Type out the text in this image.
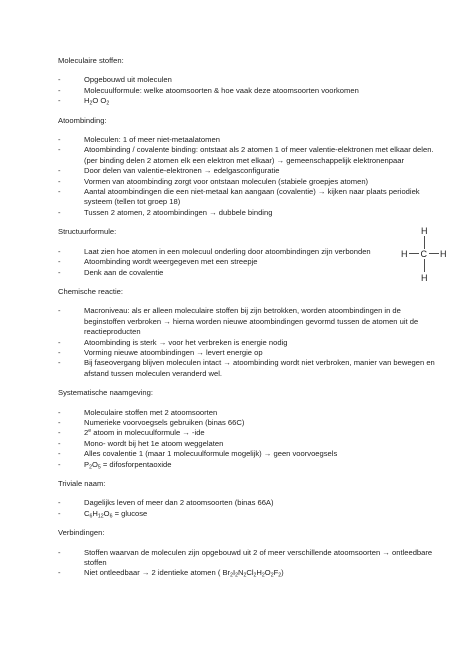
Moleculaire stoffen:

- Opgebouwd uit moleculen
- Molecuulformule: welke atoomsoorten & hoe vaak deze atoomsoorten voorkomen
- $H_2O$ $O_2$

Atoombinding:

- Moleculen: 1 of meer niet-metaalatomen
- Atoombinding / covalente binding: ontstaat als 2 atomen 1 of meer valentie-elektronen met elkaar delen. (per binding delen 2 atomen elk een elektron met elkaar) → gemeenschappelijk elektronenpaar
- Door delen van valentie-elektronen → edelgasconfiguratie
- Vormen van atoombinding zorgt voor ontstaan moleculen (stabiele groepjes atomen)
- Aantal atoombindingen die een niet-metaal kan aangaan (covalentie) → kijken naar plaats periodiek systeem (tellen tot groep 18)
- Tussen 2 atomen, 2 atoombindingen → dubbele binding

Structuurformule:

- Laat zien hoe atomen in een molecuul onderling door atoombindingen zijn verbonden
- Atoombinding wordt weergegeven met een streepje
- Denk aan de covalentie
H
H C H
H

Chemische reactie:

- Macroniveau: als er alleen moleculaire stoffen bij zijn betrokken, worden atoombindingen in de beginstoffen verbroken → hierna worden nieuwe atoombindingen gevormd tussen de atomen uit de reactieproducten
- Atoombinding is sterk → voor het verbreken is energie nodig
- Vorming nieuwe atoombindingen → levert energie op
- Bij faseovergang blijven moleculen intact → atoombinding wordt niet verbroken, manier van bewegen en afstand tussen moleculen veranderd wel.

Systematische naamgeving:

- Moleculaire stoffen met 2 atoomsoorten
- Numerieke voorvoegsels gebruiken (binas 66C)
- 2e atoom in molecuulformule → -ide
- Mono- wordt bij het 1e atoom weggelaten
- Alles covalentie 1 (maar 1 molecuulformule mogelijk) → geen voorvoegsels
- $P_2O_5$ = difosforpentaoxide

Triviale naam:

- Dagelijks leven of meer dan 2 atoomsoorten (binas 66A)
- $C_6H_{12}O_6 = glucose$

Verbindingen:

- Stoffen waarvan de moleculen zijn opgebouwd uit 2 of meer verschillende atoomsoorten → ontleedbare stoffen
- Niet ontleedbaar → 2 identieke atomen ( $Br_2I_2N_2Cl_2H_2O_2F_2$)
